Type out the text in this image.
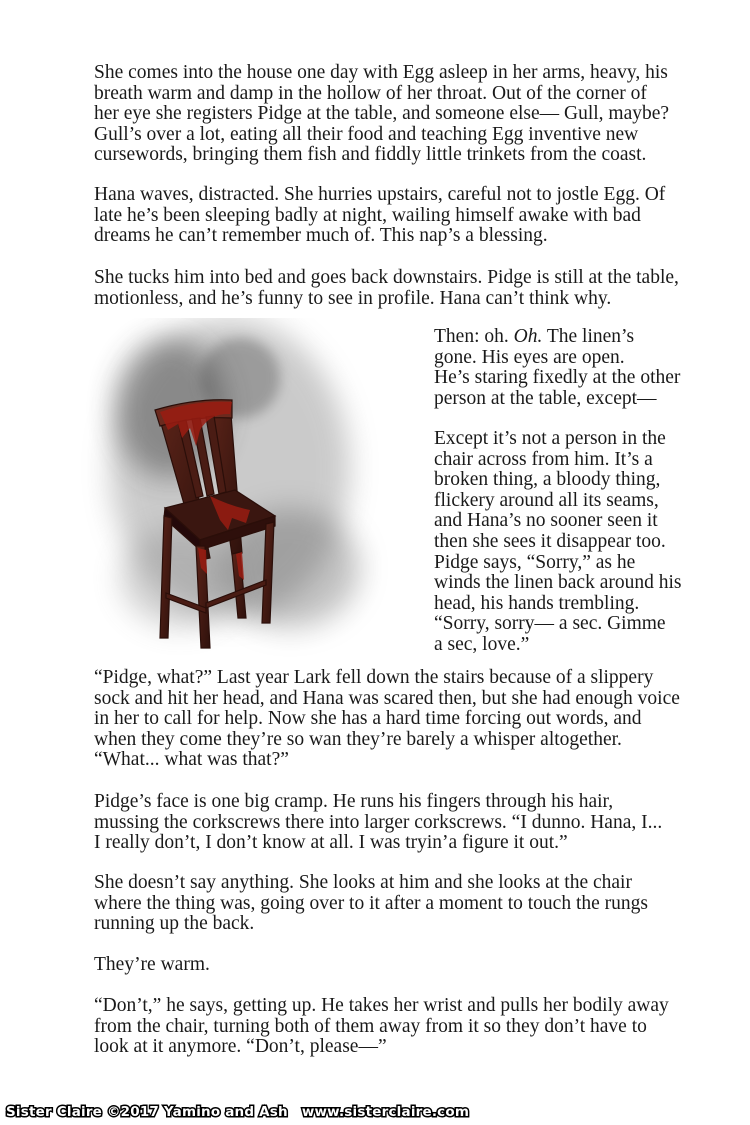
She comes into the house one day with Egg asleep in her arms, heavy, his
breath warm and damp in the hollow of her throat. Out of the corner of
her eye she registers Pidge at the table, and someone else— Gull, maybe?
Gull’s over a lot, eating all their food and teaching Egg inventive new
cursewords, bringing them fish and fiddly little trinkets from the coast.
Hana waves, distracted. She hurries upstairs, careful not to jostle Egg. Of
late he’s been sleeping badly at night, wailing himself awake with bad
dreams he can’t remember much of. This nap’s a blessing.
She tucks him into bed and goes back downstairs. Pidge is still at the table,
motionless, and he’s funny to see in profile. Hana can’t think why.
Then: oh. Oh. The linen’s
gone. His eyes are open.
He’s staring fixedly at the other
person at the table, except—
Except it’s not a person in the
chair across from him. It’s a
broken thing, a bloody thing,
flickery around all its seams,
and Hana’s no sooner seen it
then she sees it disappear too.
Pidge says, “Sorry,” as he
winds the linen back around his
head, his hands trembling.
“Sorry, sorry— a sec. Gimme
a sec, love.”
“Pidge, what?” Last year Lark fell down the stairs because of a slippery
sock and hit her head, and Hana was scared then, but she had enough voice
in her to call for help. Now she has a hard time forcing out words, and
when they come they’re so wan they’re barely a whisper altogether.
“What... what was that?”
Pidge’s face is one big cramp. He runs his fingers through his hair,
mussing the corkscrews there into larger corkscrews. “I dunno. Hana, I...
I really don’t, I don’t know at all. I was tryin’a figure it out.”
She doesn’t say anything. She looks at him and she looks at the chair
where the thing was, going over to it after a moment to touch the rungs
running up the back.
They’re warm.
“Don’t,” he says, getting up. He takes her wrist and pulls her bodily away
from the chair, turning both of them away from it so they don’t have to
look at it anymore. “Don’t, please—”
Sister Claire ©2017 Yamino and Ash www.sisterclaire.com
